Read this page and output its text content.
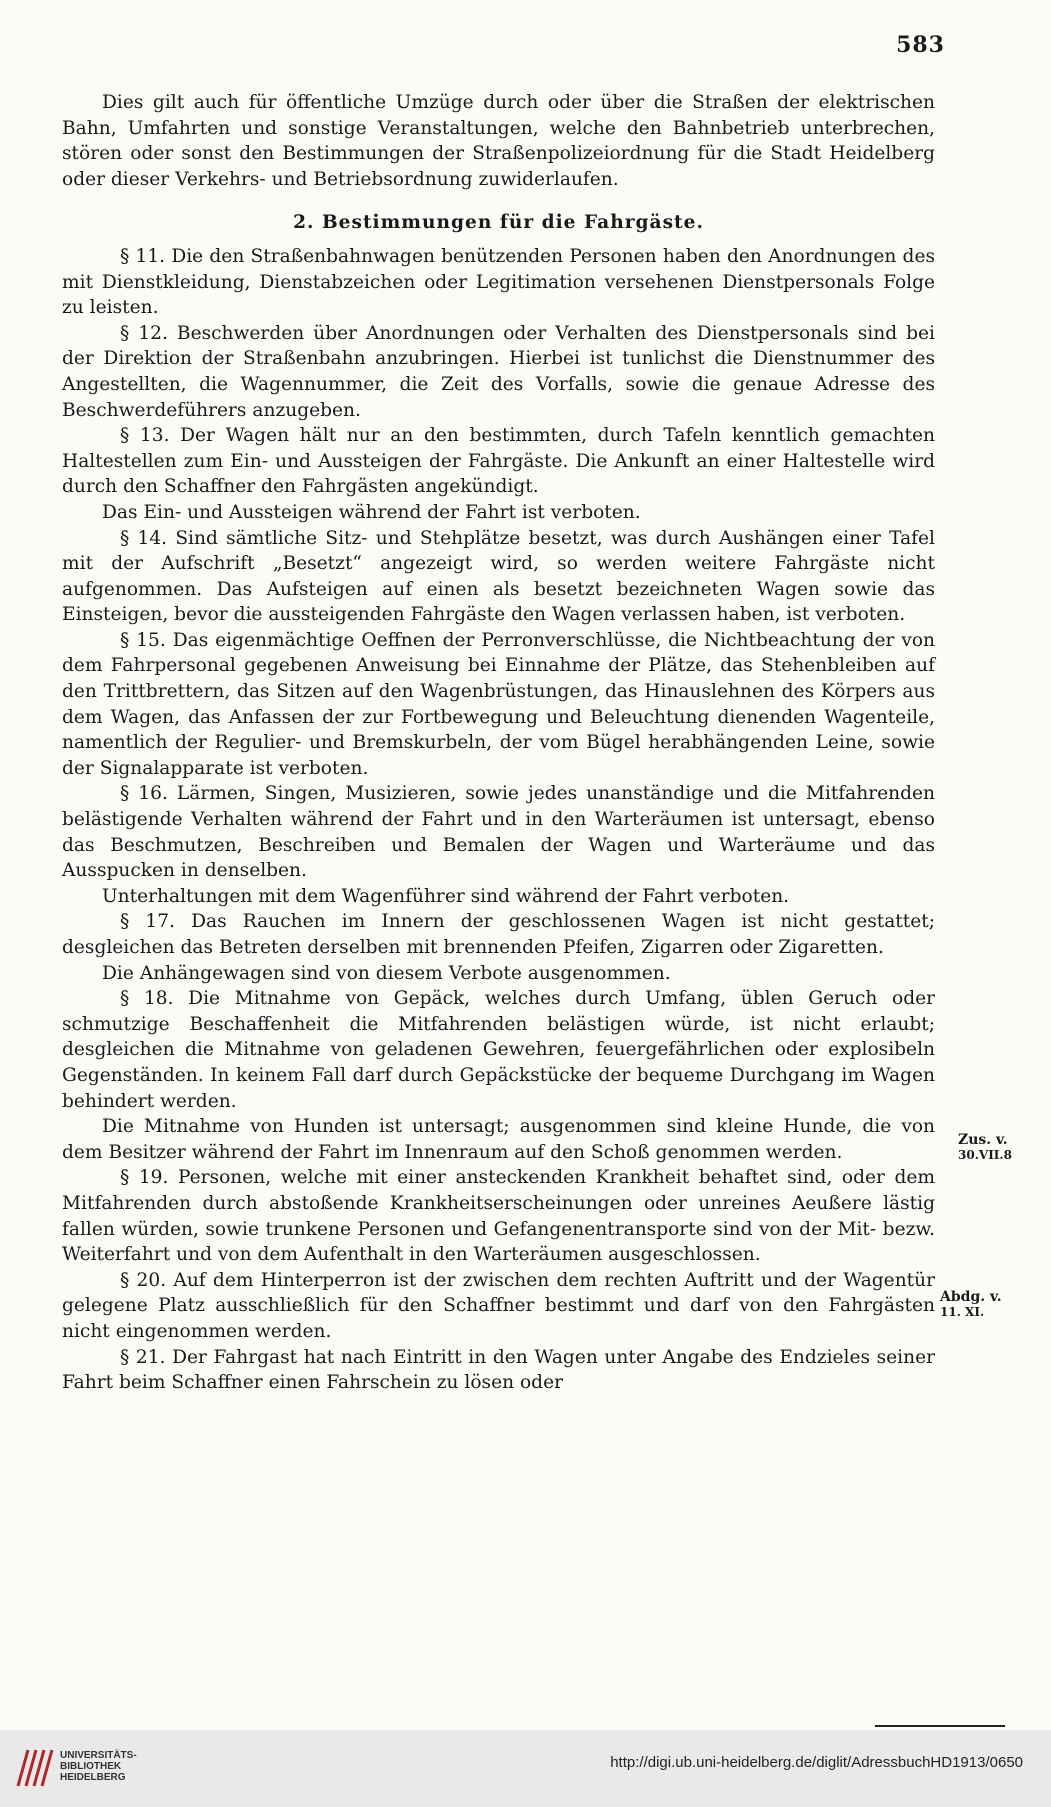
583

Dies gilt auch für öffentliche Umzüge durch oder über die Straßen der elektrischen Bahn, Umfahrten und sonstige Veranstaltungen, welche den Bahnbetrieb unterbrechen, stören oder sonst den Bestimmungen der Straßenpolizeiordnung für die Stadt Heidelberg oder dieser Verkehrs- und Betriebsordnung zuwiderlaufen.

2. Bestimmungen für die Fahrgäste.

§ 11. Die den Straßenbahnwagen benützenden Personen haben den Anordnungen des mit Dienstkleidung, Dienstabzeichen oder Legitimation versehenen Dienstpersonals Folge zu leisten.

§ 12. Beschwerden über Anordnungen oder Verhalten des Dienstpersonals sind bei der Direktion der Straßenbahn anzubringen. Hierbei ist tunlichst die Dienstnummer des Angestellten, die Wagennummer, die Zeit des Vorfalls, sowie die genaue Adresse des Beschwerdeführers anzugeben.

§ 13. Der Wagen hält nur an den bestimmten, durch Tafeln kenntlich gemachten Haltestellen zum Ein- und Aussteigen der Fahrgäste. Die Ankunft an einer Haltestelle wird durch den Schaffner den Fahrgästen angekündigt.

Das Ein- und Aussteigen während der Fahrt ist verboten.

§ 14. Sind sämtliche Sitz- und Stehplätze besetzt, was durch Aushängen einer Tafel mit der Aufschrift „Besetzt“ angezeigt wird, so werden weitere Fahrgäste nicht aufgenommen. Das Aufsteigen auf einen als besetzt bezeichneten Wagen sowie das Einsteigen, bevor die aussteigenden Fahrgäste den Wagen verlassen haben, ist verboten.

§ 15. Das eigenmächtige Oeffnen der Perronverschlüsse, die Nichtbeachtung der von dem Fahrpersonal gegebenen Anweisung bei Einnahme der Plätze, das Stehenbleiben auf den Trittbrettern, das Sitzen auf den Wagenbrüstungen, das Hinauslehnen des Körpers aus dem Wagen, das Anfassen der zur Fortbewegung und Beleuchtung dienenden Wagenteile, namentlich der Regulier- und Bremskurbeln, der vom Bügel herabhängenden Leine, sowie der Signalapparate ist verboten.

§ 16. Lärmen, Singen, Musizieren, sowie jedes unanständige und die Mitfahrenden belästigende Verhalten während der Fahrt und in den Warteräumen ist untersagt, ebenso das Beschmutzen, Beschreiben und Bemalen der Wagen und Warteräume und das Ausspucken in denselben.

Unterhaltungen mit dem Wagenführer sind während der Fahrt verboten.

§ 17. Das Rauchen im Innern der geschlossenen Wagen ist nicht gestattet; desgleichen das Betreten derselben mit brennenden Pfeifen, Zigarren oder Zigaretten.

Die Anhängewagen sind von diesem Verbote ausgenommen.

§ 18. Die Mitnahme von Gepäck, welches durch Umfang, üblen Geruch oder schmutzige Beschaffenheit die Mitfahrenden belästigen würde, ist nicht erlaubt; desgleichen die Mitnahme von geladenen Gewehren, feuergefährlichen oder explosibeln Gegenständen. In keinem Fall darf durch Gepäckstücke der bequeme Durchgang im Wagen behindert werden.

Die Mitnahme von Hunden ist untersagt; ausgenommen sind kleine Hunde, die von dem Besitzer während der Fahrt im Innenraum auf den Schoß genommen werden.

§ 19. Personen, welche mit einer ansteckenden Krankheit behaftet sind, oder dem Mitfahrenden durch abstoßende Krankheitserscheinungen oder unreines Aeußere lästig fallen würden, sowie trunkene Personen und Gefangenentransporte sind von der Mit- bezw. Weiterfahrt und von dem Aufenthalt in den Warteräumen ausgeschlossen.

§ 20. Auf dem Hinterperron ist der zwischen dem rechten Auftritt und der Wagentür gelegene Platz ausschließlich für den Schaffner bestimmt und darf von den Fahrgästen nicht eingenommen werden.

§ 21. Der Fahrgast hat nach Eintritt in den Wagen unter Angabe des Endzieles seiner Fahrt beim Schaffner einen Fahrschein zu lösen oder

Zus. v.
30.VII.8
Abdg. v.
11. XI.
UNIVERSITÄTS-
BIBLIOTHEK
HEIDELBERG
http://digi.ub.uni-heidelberg.de/diglit/AdressbuchHD1913/0650
